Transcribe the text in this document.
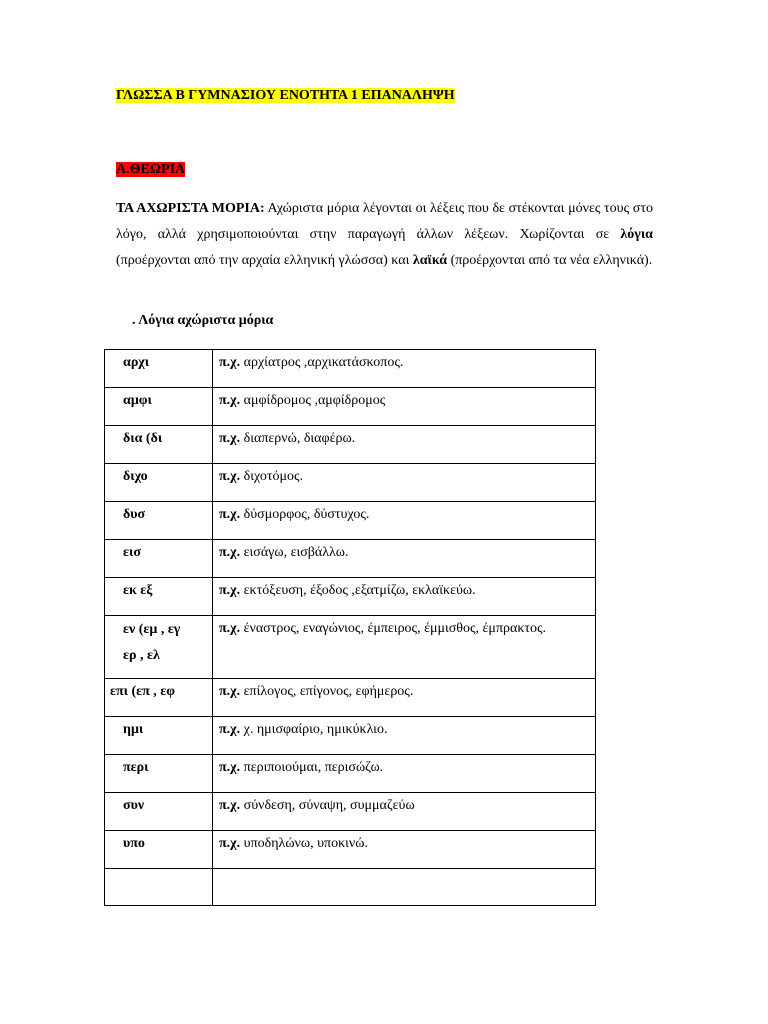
ΓΛΩΣΣΑ Β ΓΥΜΝΑΣΙΟΥ ΕΝΟΤΗΤΑ 1 ΕΠΑΝΑΛΗΨΗ
Α.ΘΕΩΡΙΑ
ΤΑ ΑΧΩΡΙΣΤΑ ΜΟΡΙΑ: Αχώριστα μόρια λέγονται οι λέξεις που δε στέκονται μόνες τους στο λόγο, αλλά χρησιμοποιούνται στην παραγωγή άλλων λέξεων. Χωρίζονται σε λόγια (προέρχονται από την αρχαία ελληνική γλώσσα) και λαϊκά (προέρχονται από τα νέα ελληνικά).
. Λόγια αχώριστα μόρια
αρχι	π.χ. αρχίατρος ,αρχικατάσκοπος.

αμφι	π.χ. αμφίδρομος ,αμφίδρομος

δια (δι	π.χ. διαπερνώ, διαφέρω.

διχο	π.χ. διχοτόμος.

δυσ	π.χ. δύσμορφος, δύστυχος.

εισ	π.χ. εισάγω, εισβάλλω.

εκ εξ	π.χ. εκτόξευση, έξοδος ,εξατμίζω, εκλαϊκεύω.

εν (εμ , εγ
ερ , ελ	π.χ. έναστρος, εναγώνιος, έμπειρος, έμμισθος, έμπρακτος.

επι (επ , εφ	π.χ. επίλογος, επίγονος, εφήμερος.

ημι	π.χ. χ. ημισφαίριο, ημικύκλιο.

περι	π.χ. περιποιούμαι, περισώζω.

συν	π.χ. σύνδεση, σύναψη, συμμαζεύω

υπο	π.χ. υποδηλώνω, υποκινώ.
